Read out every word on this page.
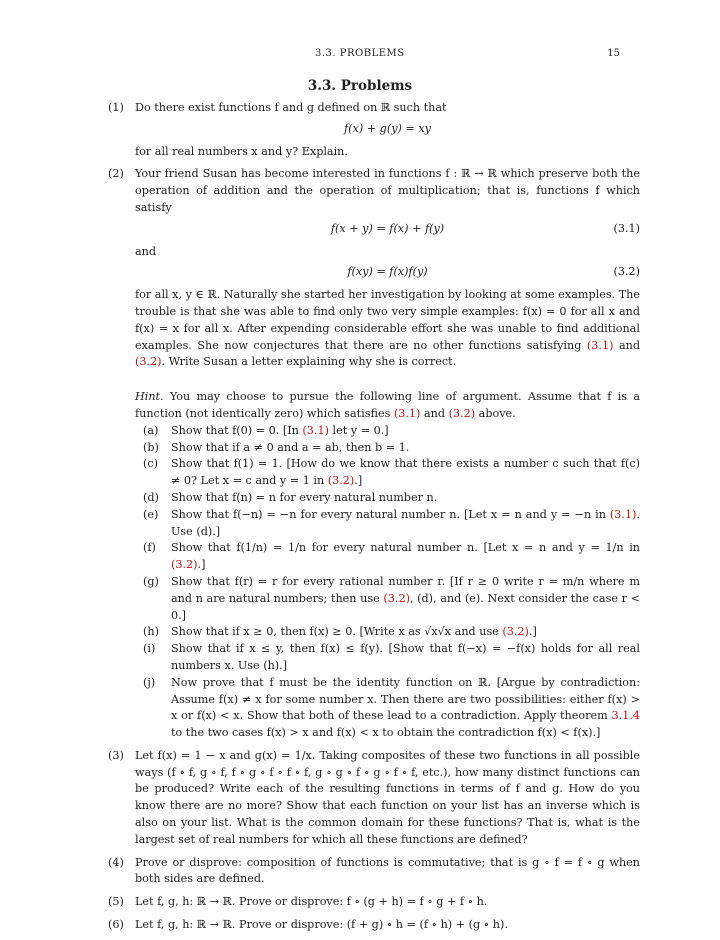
3.3. PROBLEMS	15
3.3. Problems
(1) Do there exist functions f and g defined on ℝ such that

f(x) + g(y) = xy

for all real numbers x and y? Explain.

(2) Your friend Susan has become interested in functions f : ℝ → ℝ which preserve both the operation of addition and the operation of multiplication; that is, functions f which satisfy

f(x + y) = f(x) + f(y)	(3.1)

and

f(xy) = f(x)f(y)	(3.2)

for all x, y ∈ ℝ. Naturally she started her investigation by looking at some examples. The trouble is that she was able to find only two very simple examples: f(x) = 0 for all x and f(x) = x for all x. After expending considerable effort she was unable to find additional examples. She now conjectures that there are no other functions satisfying (3.1) and (3.2). Write Susan a letter explaining why she is correct.

Hint. You may choose to pursue the following line of argument. Assume that f is a function (not identically zero) which satisfies (3.1) and (3.2) above.

(a) Show that f(0) = 0. [In (3.1) let y = 0.]
(b) Show that if a ≠ 0 and a = ab, then b = 1.
(c) Show that f(1) = 1. [How do we know that there exists a number c such that f(c) ≠ 0? Let x = c and y = 1 in (3.2).]
(d) Show that f(n) = n for every natural number n.
(e) Show that f(−n) = −n for every natural number n. [Let x = n and y = −n in (3.1). Use (d).]
(f) Show that f(1/n) = 1/n for every natural number n. [Let x = n and y = 1/n in (3.2).]
(g) Show that f(r) = r for every rational number r. [If r ≥ 0 write r = m/n where m and n are natural numbers; then use (3.2), (d), and (e). Next consider the case r < 0.]
(h) Show that if x ≥ 0, then f(x) ≥ 0. [Write x as √x√x and use (3.2).]
(i) Show that if x ≤ y, then f(x) ≤ f(y). [Show that f(−x) = −f(x) holds for all real numbers x. Use (h).]
(j) Now prove that f must be the identity function on ℝ. [Argue by contradiction: Assume f(x) ≠ x for some number x. Then there are two possibilities: either f(x) > x or f(x) < x. Show that both of these lead to a contradiction. Apply theorem 3.1.4 to the two cases f(x) > x and f(x) < x to obtain the contradiction f(x) < f(x).]
(3) Let f(x) = 1 − x and g(x) = 1/x. Taking composites of these two functions in all possible ways (f ∘ f, g ∘ f, f ∘ g ∘ f ∘ f ∘ f, g ∘ g ∘ f ∘ g ∘ f ∘ f, etc.), how many distinct functions can be produced? Write each of the resulting functions in terms of f and g. How do you know there are no more? Show that each function on your list has an inverse which is also on your list. What is the common domain for these functions? That is, what is the largest set of real numbers for which all these functions are defined?

(4) Prove or disprove: composition of functions is commutative; that is g ∘ f = f ∘ g when both sides are defined.

(5) Let f, g, h: ℝ → ℝ. Prove or disprove: f ∘ (g + h) = f ∘ g + f ∘ h.

(6) Let f, g, h: ℝ → ℝ. Prove or disprove: (f + g) ∘ h = (f ∘ h) + (g ∘ h).
